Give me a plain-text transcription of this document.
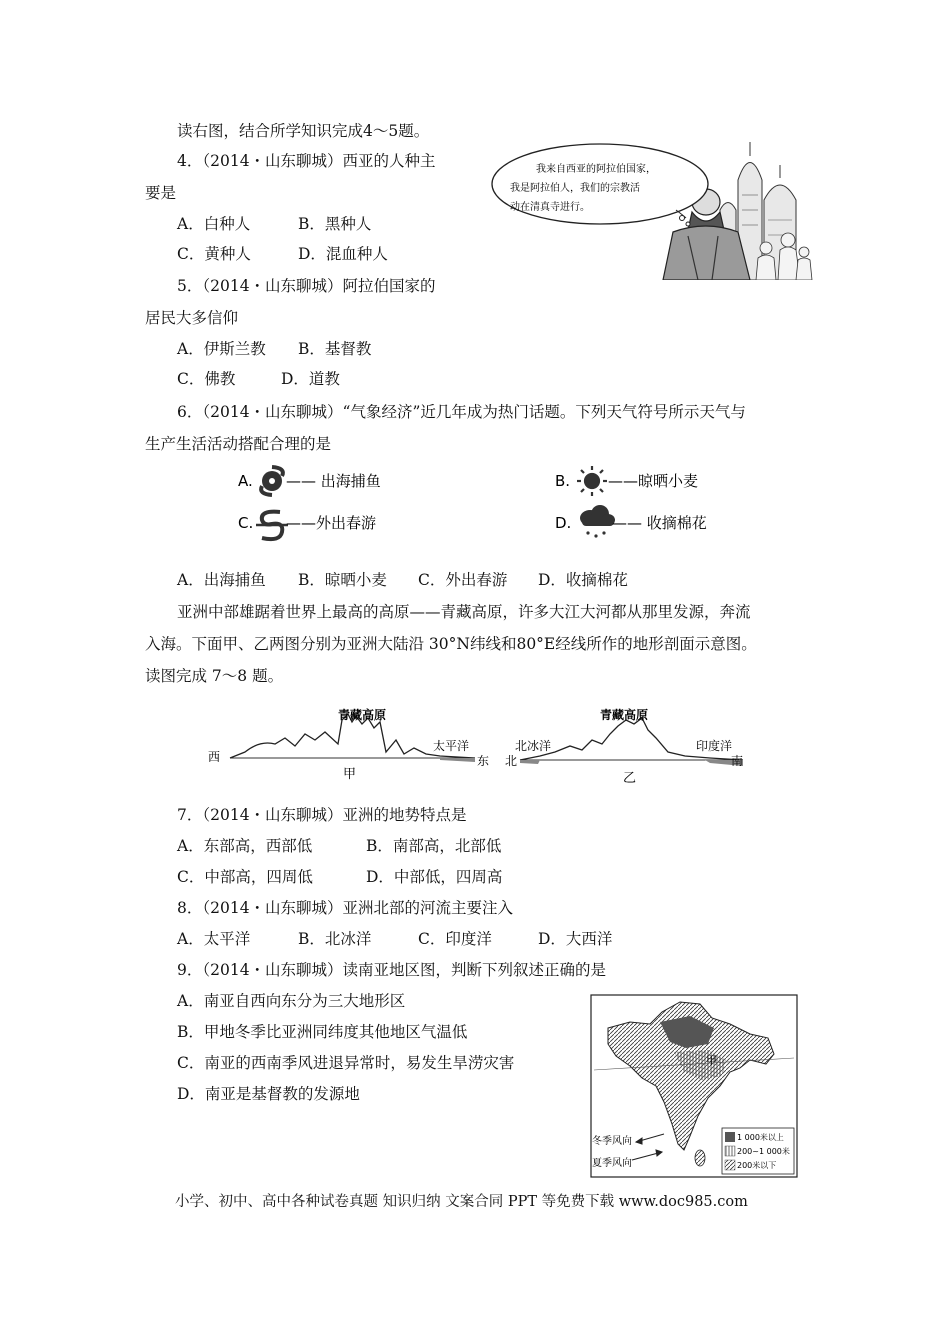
读右图，结合所学知识完成4～5题。
4．（2014・山东聊城）西亚的人种主
要是
A．白种人	B．黑种人
C．黄种人	D．混血种人
5．（2014・山东聊城）阿拉伯国家的
居民大多信仰
A．伊斯兰教 B．基督教
C．佛教	D．道教
我来自西亚的阿拉伯国家，
我是阿拉伯人，我们的宗教活
动在清真寺进行。
6．（2014・山东聊城）“气象经济”近几年成为热门话题。下列天气符号所示天气与
生产生活活动搭配合理的是
A. —— 出海捕鱼	B.	——晾晒小麦
C. ——外出春游	D.	—— 收摘棉花
A．出海捕鱼 B．晾晒小麦 C．外出春游 D．收摘棉花
亚洲中部雄踞着世界上最高的高原——青藏高原，许多大江大河都从那里发源，奔流
入海。下面甲、乙两图分别为亚洲大陆沿 30°N纬线和80°E经线所作的地形剖面示意图。
读图完成 7～8 题。
青藏高原
西
太平洋
东
甲
青藏高原
北冰洋
北
印度洋
南
乙
7．（2014・山东聊城）亚洲的地势特点是
A．东部高，西部低	B．南部高，北部低
C．中部高，四周低	D．中部低，四周高
8．（2014・山东聊城）亚洲北部的河流主要注入
A．太平洋	B．北冰洋	C．印度洋	D．大西洋
9．（2014・山东聊城）读南亚地区图，判断下列叙述正确的是
A．南亚自西向东分为三大地形区
B．甲地冬季比亚洲同纬度其他地区气温低
C．南亚的西南季风进退异常时，易发生旱涝灾害
D．南亚是基督教的发源地
甲
冬季风向
夏季风向
1 000米以上
200~1 000米
200米以下
小学、初中、高中各种试卷真题 知识归纳 文案合同 PPT 等免费下载 www.doc985.com
